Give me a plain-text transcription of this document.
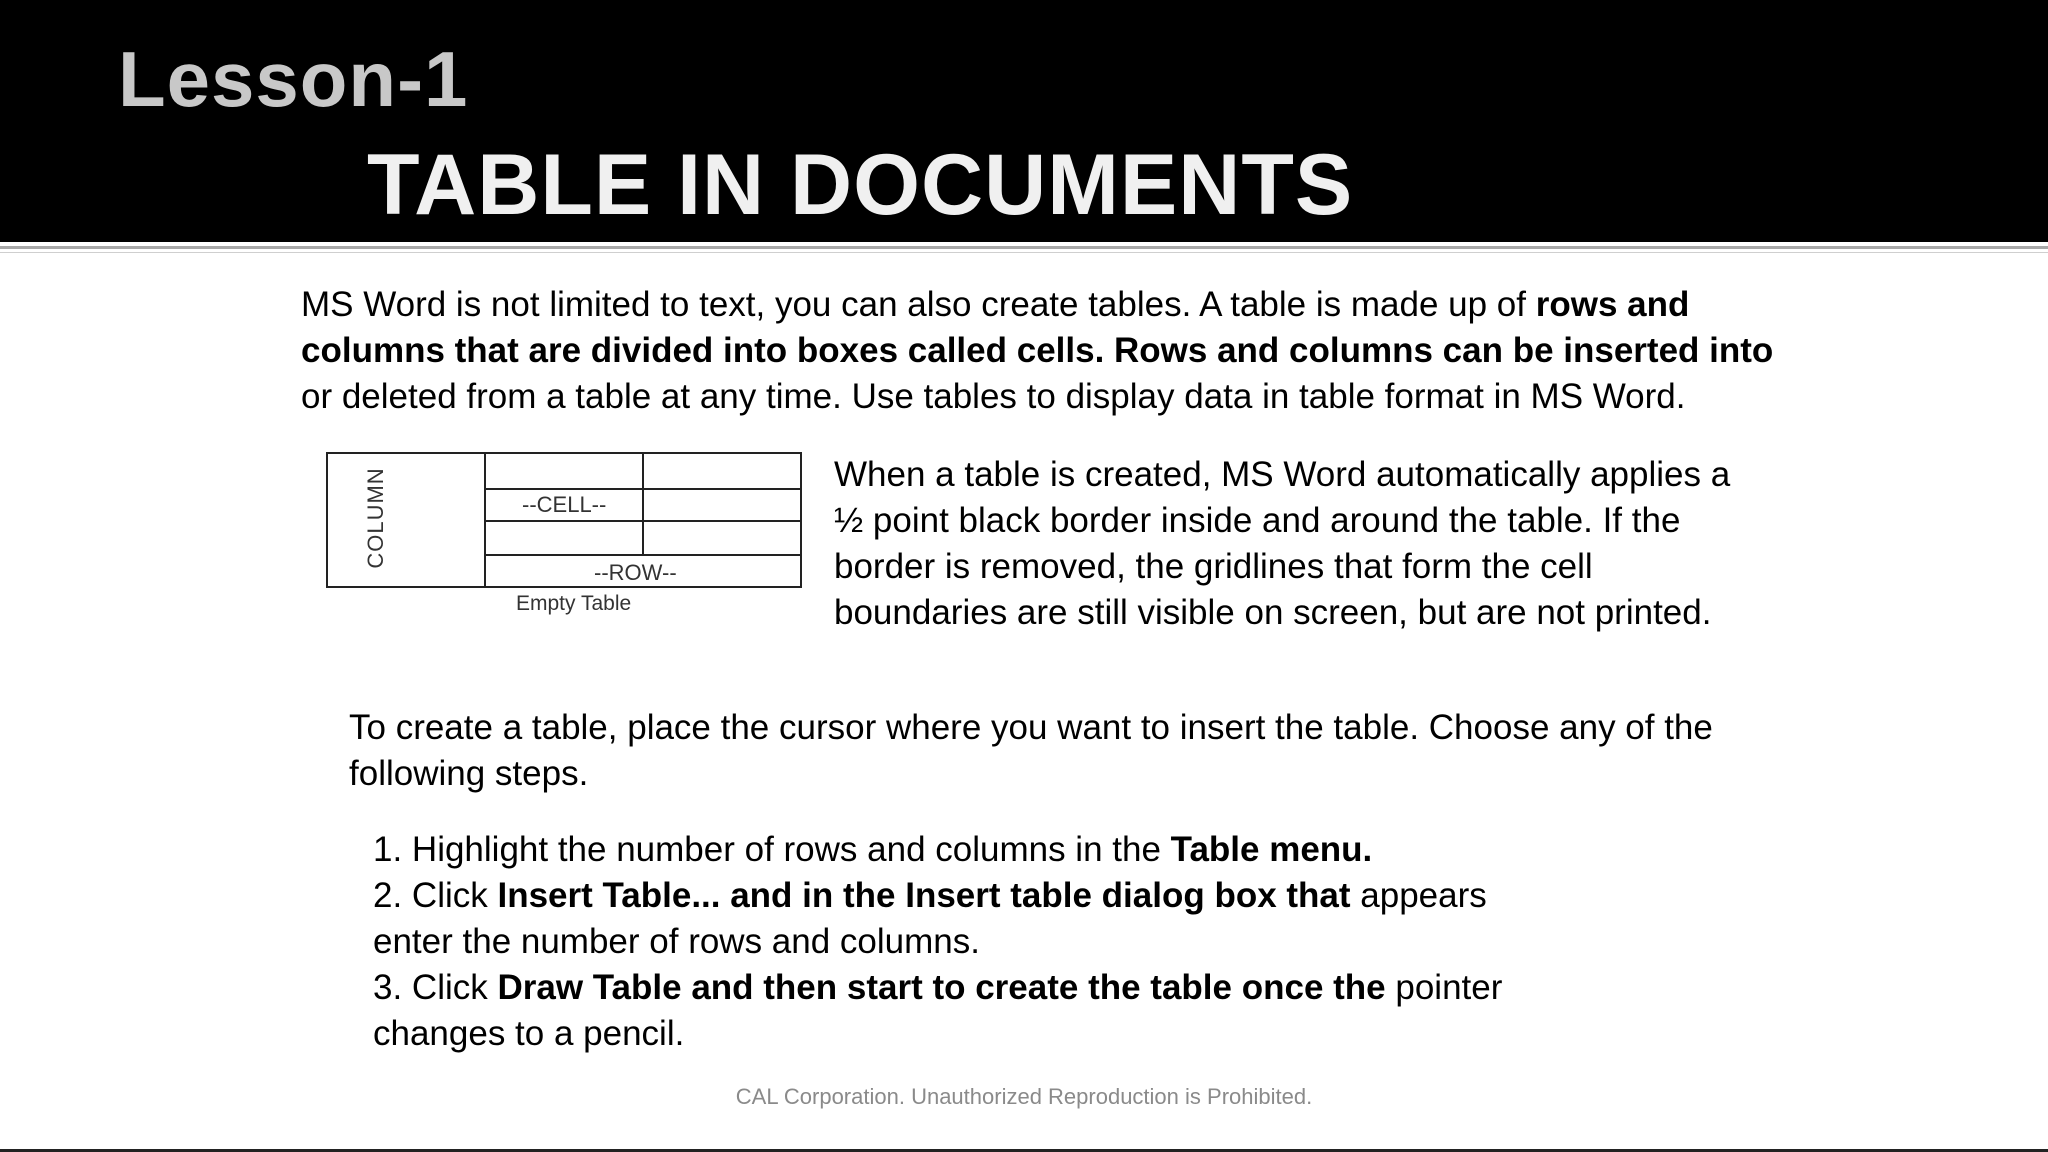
Lesson-1
TABLE IN DOCUMENTS
MS Word is not limited to text, you can also create tables. A table is made up of rows and columns that are divided into boxes called cells. Rows and columns can be inserted into or deleted from a table at any time. Use tables to display data in table format in MS Word.
COLUMN	--CELL--
--ROW--
Empty Table
When a table is created, MS Word automatically applies a ½ point black border inside and around the table. If the border is removed, the gridlines that form the cell boundaries are still visible on screen, but are not printed.
To create a table, place the cursor where you want to insert the table. Choose any of the following steps.
1. Highlight the number of rows and columns in the Table menu.
2. Click Insert Table... and in the Insert table dialog box that appears enter the number of rows and columns.
3. Click Draw Table and then start to create the table once the pointer changes to a pencil.
CAL Corporation. Unauthorized Reproduction is Prohibited.
